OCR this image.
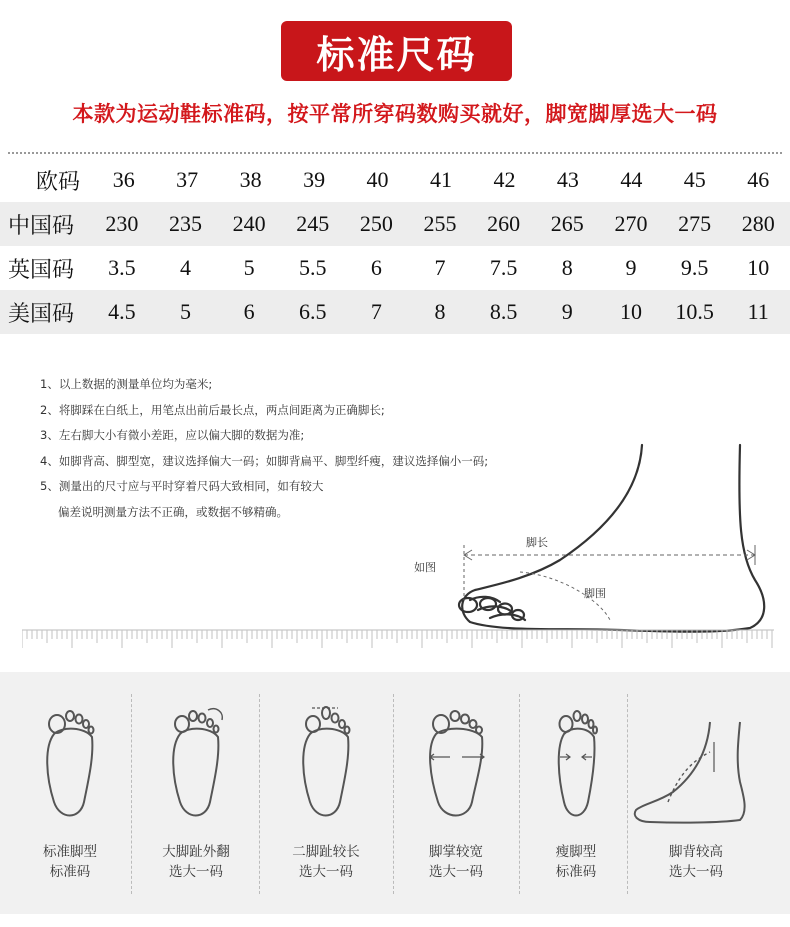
标准尺码
本款为运动鞋标准码，按平常所穿码数购买就好，脚宽脚厚选大一码
欧码	36	37	38	39	40	41	42	43	44	45	46
中国码	230	235	240	245	250	255	260	265	270	275	280
英国码	3.5	4	5	5.5	6	7	7.5	8	9	9.5	10
美国码	4.5	5	6	6.5	7	8	8.5	9	10	10.5	11

1、以上数据的测量单位均为毫米;

2、将脚踩在白纸上，用笔点出前后最长点，两点间距离为正确脚长;

3、左右脚大小有微小差距，应以偏大脚的数据为准;

4、如脚背高、脚型宽，建议选择偏大一码；如脚背扁平、脚型纤瘦，建议选择偏小一码;

5、测量出的尺寸应与平时穿着尺码大致相同，如有较大

偏差说明测量方法不正确，或数据不够精确。

脚长
脚围
如图
标准脚型
标准码
大脚趾外翻
选大一码
二脚趾较长
选大一码
脚掌较宽
选大一码
瘦脚型
标准码
脚背较高
选大一码
